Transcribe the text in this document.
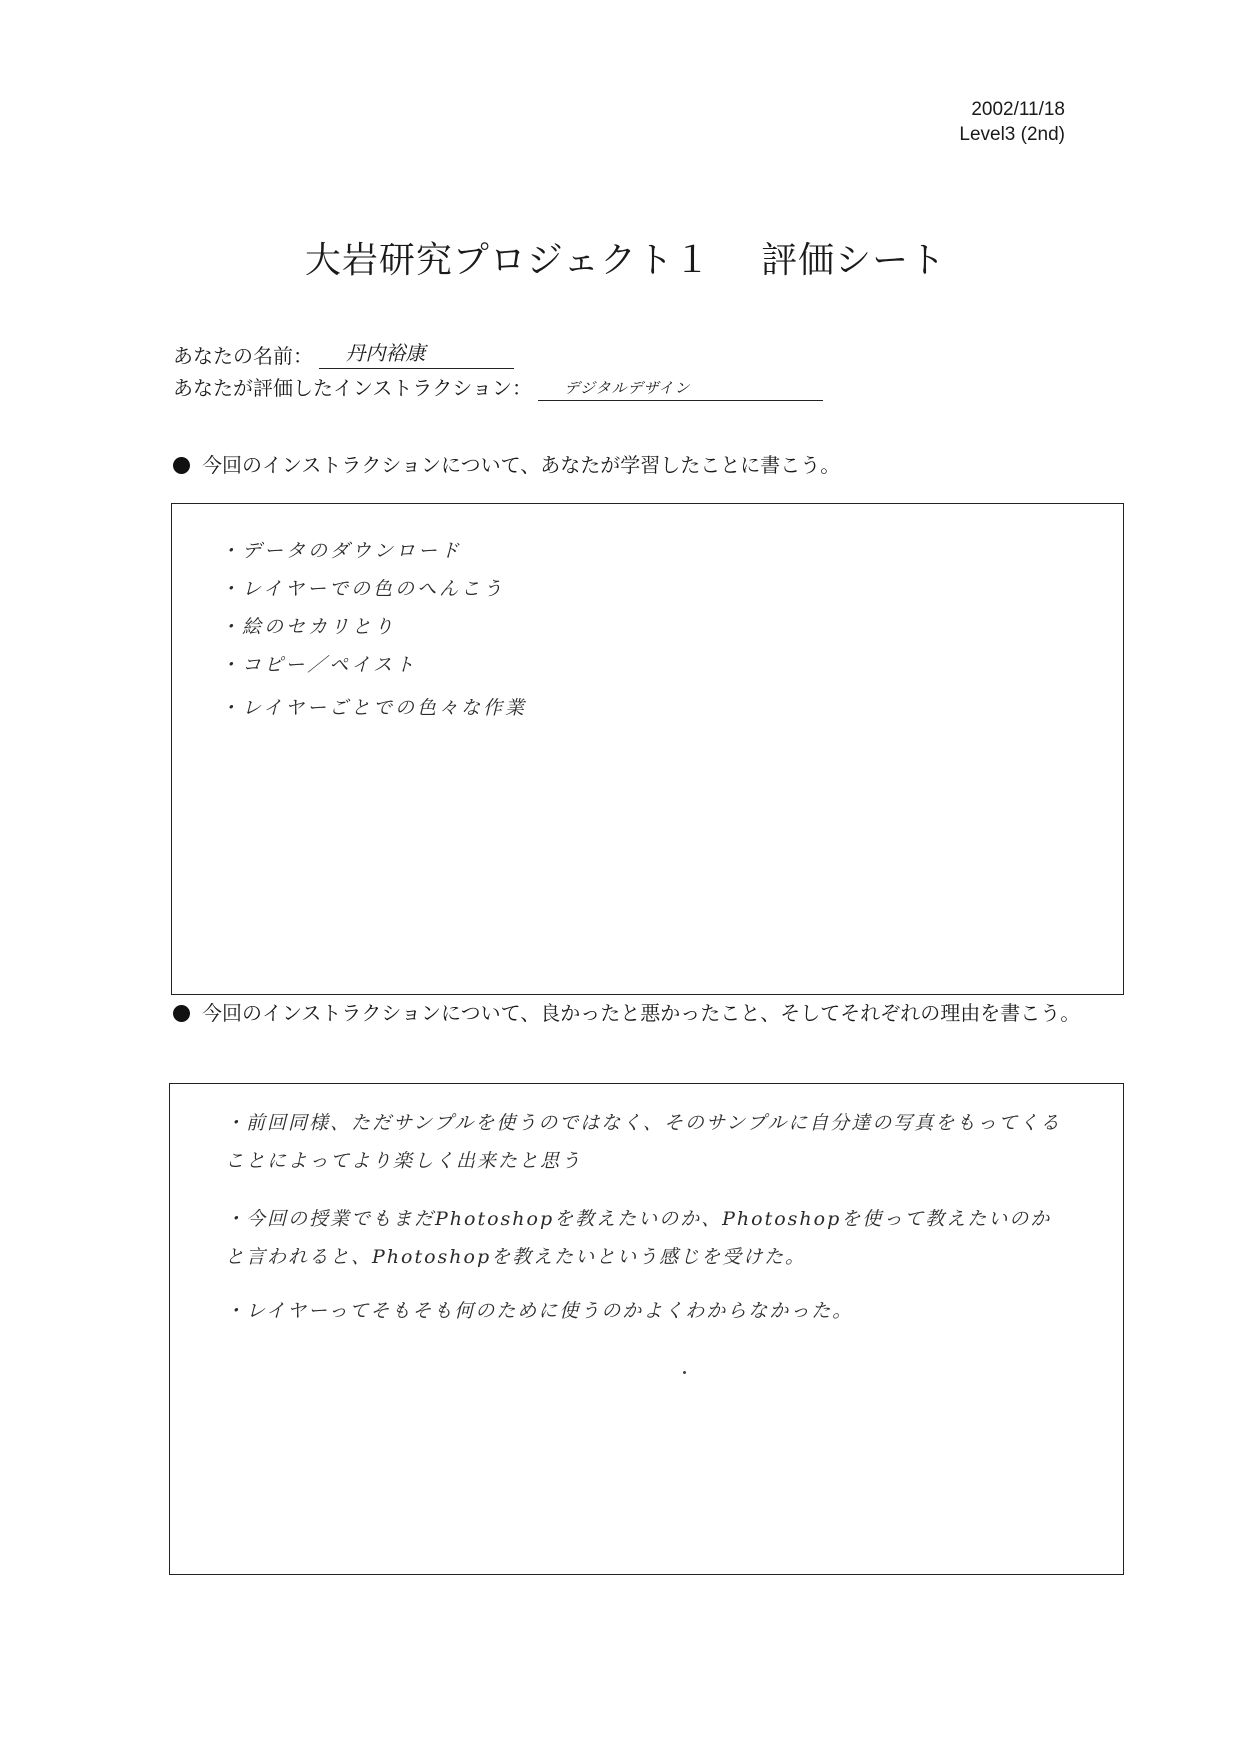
2002/11/18
Level3 (2nd)
大岩研究プロジェクト１ 評価シート
あなたの名前： 丹内裕康
あなたが評価したインストラクション： デジタルデザイン
今回のインストラクションについて、あなたが学習したことに書こう。
・データのダウンロード
・レイヤーでの色のへんこう
・絵のセカリとり
・コピー／ペイスト
・レイヤーごとでの色々な作業
今回のインストラクションについて、良かったと悪かったこと、そしてそれぞれの理由を書こう。
・前回同様、ただサンプルを使うのではなく、そのサンプルに自分達の写真をもってくることによってより楽しく出来たと思う
・今回の授業でもまだPhotoshopを教えたいのか、Photoshopを使って教えたいのかと言われると、Photoshopを教えたいという感じを受けた。
・レイヤーってそもそも何のために使うのかよくわからなかった。
